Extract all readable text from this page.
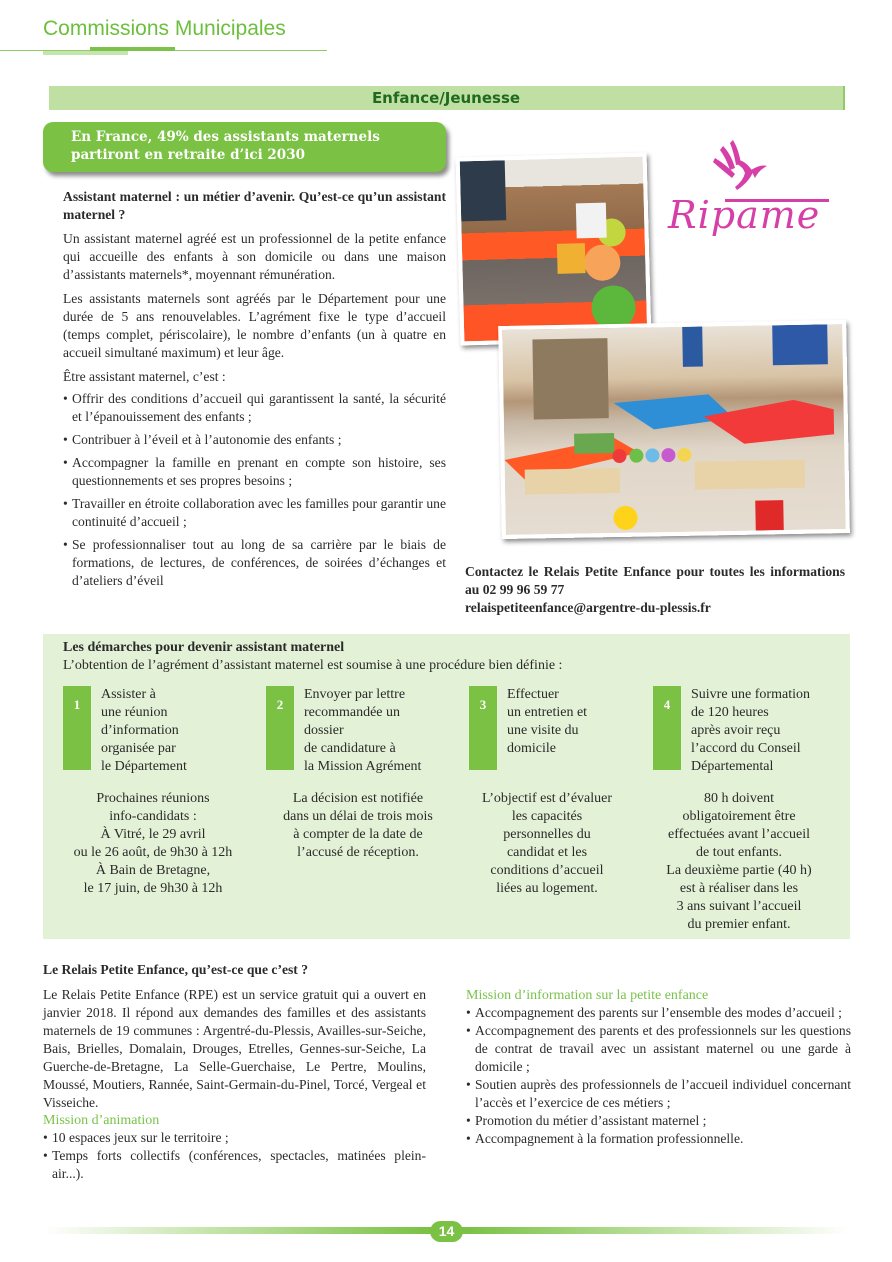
Commissions Municipales
Enfance/Jeunesse
En France, 49% des assistants maternels partiront en retraite d’ici 2030

Assistant maternel : un métier d’avenir. Qu’est-ce qu’un assistant maternel ?

Un assistant maternel agréé est un professionnel de la petite enfance qui accueille des enfants à son domicile ou dans une maison d’assistants maternels*, moyennant rémunération.

Les assistants maternels sont agréés par le Département pour une durée de 5 ans renouvelables. L’agrément fixe le type d’accueil (temps complet, périscolaire), le nombre d’enfants (un à quatre en accueil simultané maximum) et leur âge.

Être assistant maternel, c’est :

• Offrir des conditions d’accueil qui garantissent la santé, la sécurité et l’épanouissement des enfants ;
• Contribuer à l’éveil et à l’autonomie des enfants ;
• Accompagner la famille en prenant en compte son histoire, ses questionnements et ses propres besoins ;
• Travailler en étroite collaboration avec les familles pour garantir une continuité d’accueil ;
• Se professionnaliser tout au long de sa carrière par le biais de formations, de lectures, de conférences, de soirées d’échanges et d’ateliers d’éveil
Ripame
Contactez le Relais Petite Enfance pour toutes les informations au 02 99 96 59 77
relaispetiteenfance@argentre-du-plessis.fr
Les démarches pour devenir assistant maternel
L’obtention de l’agrément d’assistant maternel est soumise à une procédure bien définie :
1
Assister à
une réunion
d’information
organisée par
le Département
Prochaines réunions
info-candidats :
À Vitré, le 29 avril
ou le 26 août, de 9h30 à 12h
À Bain de Bretagne,
le 17 juin, de 9h30 à 12h
2
Envoyer par lettre
recommandée un
dossier
de candidature à
la Mission Agrément
La décision est notifiée
dans un délai de trois mois
à compter de la date de
l’accusé de réception.
3
Effectuer
un entretien et
une visite du
domicile
L’objectif est d’évaluer
les capacités
personnelles du
candidat et les
conditions d’accueil
liées au logement.
4
Suivre une formation
de 120 heures
après avoir reçu
l’accord du Conseil
Départemental
80 h doivent
obligatoirement être
effectuées avant l’accueil
de tout enfants.
La deuxième partie (40 h)
est à réaliser dans les
3 ans suivant l’accueil
du premier enfant.

Le Relais Petite Enfance, qu’est-ce que c’est ?

Le Relais Petite Enfance (RPE) est un service gratuit qui a ouvert en janvier 2018. Il répond aux demandes des familles et des assistants maternels de 19 communes : Argentré-du-Plessis, Availles-sur-Seiche, Bais, Brielles, Domalain, Drouges, Etrelles, Gennes-sur-Seiche, La Guerche-de-Bretagne, La Selle-Guerchaise, Le Pertre, Moulins, Moussé, Moutiers, Rannée, Saint-Germain-du-Pinel, Torcé, Vergeal et Visseiche.

Mission d’animation
• 10 espaces jeux sur le territoire ;
• Temps forts collectifs (conférences, spectacles, matinées plein-air...).
Mission d’information sur la petite enfance
• Accompagnement des parents sur l’ensemble des modes d’accueil ;
• Accompagnement des parents et des professionnels sur les questions de contrat de travail avec un assistant maternel ou une garde à domicile ;
• Soutien auprès des professionnels de l’accueil individuel concernant l’accès et l’exercice de ces métiers ;
• Promotion du métier d’assistant maternel ;
• Accompagnement à la formation professionnelle.
14
